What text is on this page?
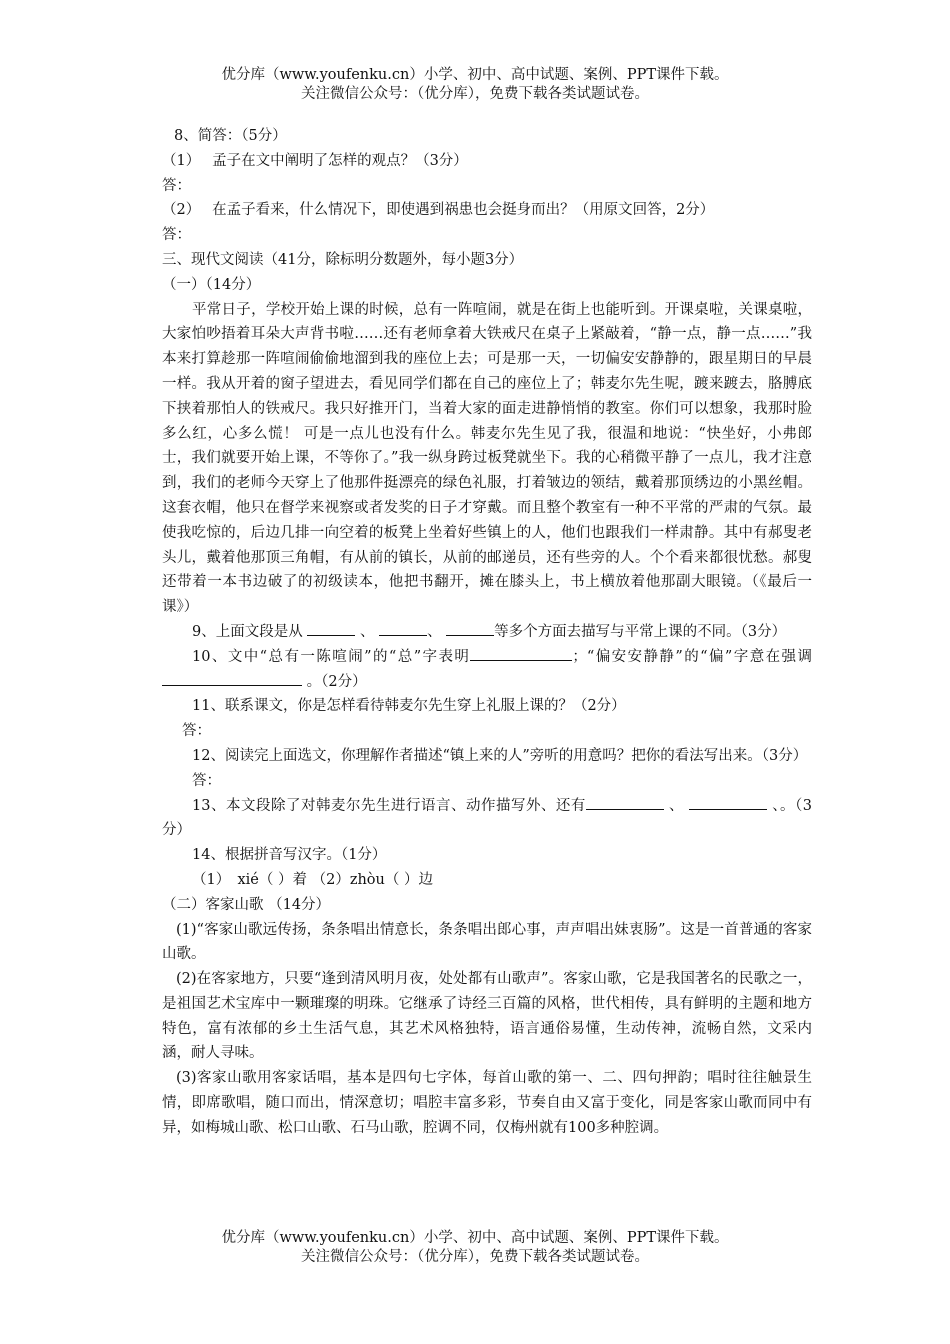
优分库（www.youfenku.cn）小学、初中、高中试题、案例、PPT课件下载。
关注微信公众号：（优分库），免费下载各类试题试卷。
8、简答：（5分）
（1）　 孟子在文中阐明了怎样的观点？（3分）
答：
（2）　 在孟子看来，什么情况下，即使遇到祸患也会挺身而出？（用原文回答，2分）
答：
三、现代文阅读（41分，除标明分数题外，每小题3分）
（一）（14分）
平常日子，学校开始上课的时候，总有一阵喧闹，就是在街上也能听到。开课桌啦，关课桌啦，大家怕吵捂着耳朵大声背书啦……还有老师拿着大铁戒尺在桌子上紧敲着，“静一点，静一点……”我本来打算趁那一阵喧闹偷偷地溜到我的座位上去；可是那一天，一切偏安安静静的，跟星期日的早晨一样。我从开着的窗子望进去，看见同学们都在自己的座位上了；韩麦尔先生呢，踱来踱去，胳膊底下挟着那怕人的铁戒尺。我只好推开门，当着大家的面走进静悄悄的教室。你们可以想象，我那时脸多么红，心多么慌！ 可是一点儿也没有什么。韩麦尔先生见了我，很温和地说：“快坐好，小弗郎士，我们就要开始上课，不等你了。”我一纵身跨过板凳就坐下。我的心稍微平静了一点儿，我才注意到，我们的老师今天穿上了他那件挺漂亮的绿色礼服，打着皱边的领结，戴着那顶绣边的小黑丝帽。这套衣帽，他只在督学来视察或者发奖的日子才穿戴。而且整个教室有一种不平常的严肃的气氛。最使我吃惊的，后边几排一向空着的板凳上坐着好些镇上的人，他们也跟我们一样肃静。其中有郝叟老头儿，戴着他那顶三角帽，有从前的镇长，从前的邮递员，还有些旁的人。个个看来都很忧愁。郝叟还带着一本书边破了的初级读本，他把书翻开，摊在膝头上，书上横放着他那副大眼镜。（《最后一课》）
9、上面文段是从	、	、	等多个方面去描写与平常上课的不同。（3分）
10、文中“总有一陈喧闹”的“总”字表明	；“偏安安静静”的“偏”字意在强调 。（2分）
11、联系课文，你是怎样看待韩麦尔先生穿上礼服上课的？（2分）
答：
12、阅读完上面选文，你理解作者描述“镇上来的人”旁听的用意吗？把你的看法写出来。（3分）
答：
13、本文段除了对韩麦尔先生进行语言、动作描写外、还有	、	、。（3分）
14、根据拼音写汉字。（1分）
（1）　xié（ ）着 （2）zhòu（ ）边
（二）客家山歌 （14分）
(1)“客家山歌远传扬，条条唱出情意长，条条唱出郎心事，声声唱出妹衷肠”。这是一首普通的客家山歌。
(2)在客家地方，只要“逢到清风明月夜，处处都有山歌声”。客家山歌，它是我国著名的民歌之一，是祖国艺术宝库中一颗璀璨的明珠。它继承了诗经三百篇的风格，世代相传，具有鲜明的主题和地方特色，富有浓郁的乡土生活气息，其艺术风格独特，语言通俗易懂，生动传神，流畅自然，文采内涵，耐人寻味。
(3)客家山歌用客家话唱，基本是四句七字体，每首山歌的第一、二、四句押韵；唱时往往触景生情，即席歌唱，随口而出，情深意切；唱腔丰富多彩，节奏自由又富于变化，同是客家山歌而同中有异，如梅城山歌、松口山歌、石马山歌，腔调不同，仅梅州就有100多种腔调。
优分库（www.youfenku.cn）小学、初中、高中试题、案例、PPT课件下载。
关注微信公众号：（优分库），免费下载各类试题试卷。
